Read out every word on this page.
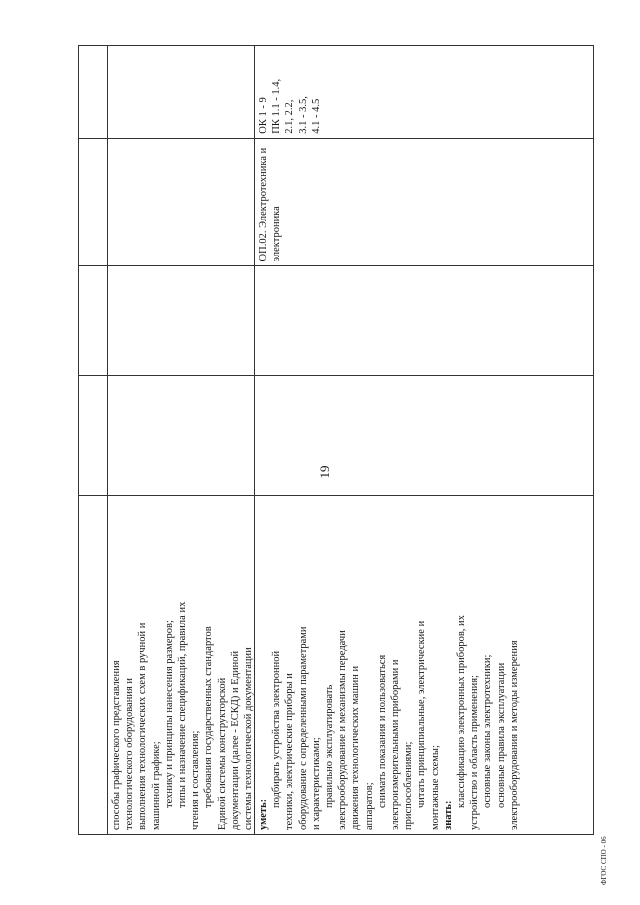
19
способы графического представления технологического оборудования и выполнения технологических схем в ручной и машинной графике; технику и принципы нанесения размеров; типы и назначение спецификаций, правила их чтения и составления; требования государственных стандартов Единой системы конструкторской документации (далее - ЕСКД) и Единой системы технологической документации уметь:
подбирать устройства электронной техники, электрические приборы и оборудование с определенными параметрами и характеристиками; правильно эксплуатировать электрооборудование и механизмы передачи движения технологических машин и аппаратов; снимать показания и пользоваться электроизмерительными приборами и приспособлениями; читать принципиальные, электрические и монтажные схемы; знать:
классификацию электронных приборов, их устройство и область применения; основные законы электротехники; основные правила эксплуатации электрооборудования и методы измерения
ОП.02. Электротехника и электроника
ОК 1 - 9 ПК 1.1 - 1.4, 2.1, 2.2, 3.1 - 3.5, 4.1 - 4.5
ФГОС СПО - 06
